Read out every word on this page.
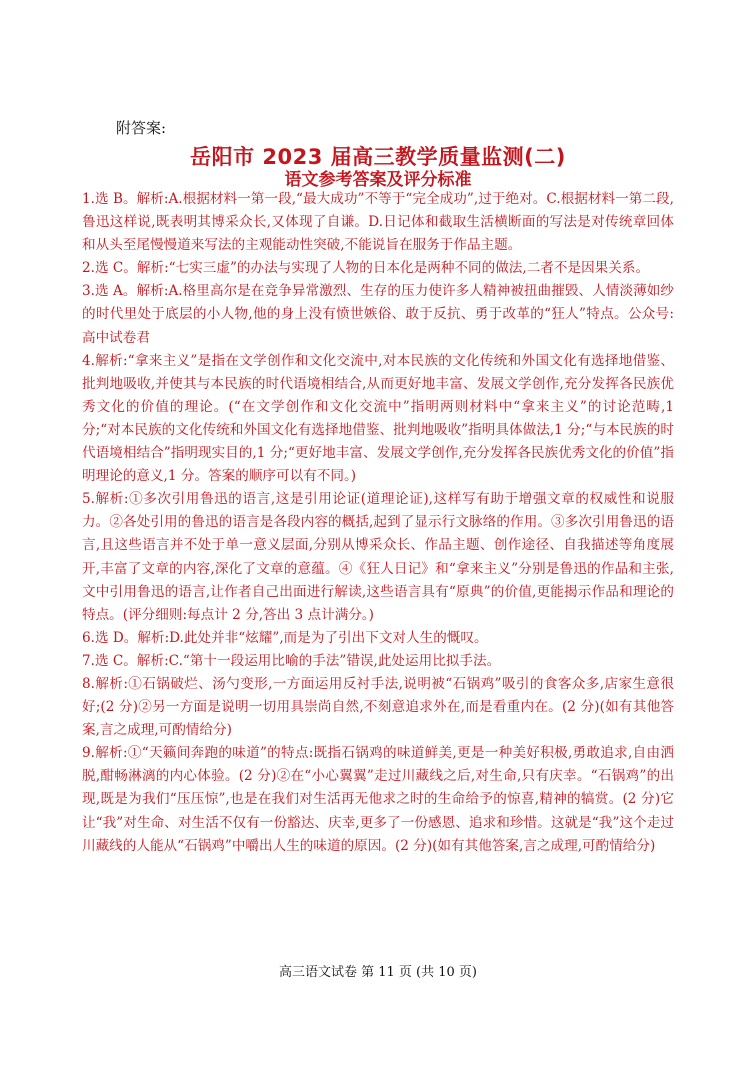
附答案:
岳阳市 2023 届高三教学质量监测(二)
语文参考答案及评分标准

1.选 B。解析:A.根据材料一第一段,“最大成功”不等于“完全成功”,过于绝对。C.根据材料一第二段,鲁迅这样说,既表明其博采众长,又体现了自谦。D.日记体和截取生活横断面的写法是对传统章回体和从头至尾慢慢道来写法的主观能动性突破,不能说旨在服务于作品主题。

2.选 C。解析:“七实三虚”的办法与实现了人物的日本化是两种不同的做法,二者不是因果关系。

3.选 A。解析:A.格里高尔是在竞争异常激烈、生存的压力使许多人精神被扭曲摧毁、人情淡薄如纱的时代里处于底层的小人物,他的身上没有愤世嫉俗、敢于反抗、勇于改革的“狂人”特点。公众号:高中试卷君

4.解析:“拿来主义”是指在文学创作和文化交流中,对本民族的文化传统和外国文化有选择地借鉴、批判地吸收,并使其与本民族的时代语境相结合,从而更好地丰富、发展文学创作,充分发挥各民族优秀文化的价值的理论。(“在文学创作和文化交流中”指明两则材料中“拿来主义”的讨论范畴,1 分;“对本民族的文化传统和外国文化有选择地借鉴、批判地吸收”指明具体做法,1 分;“与本民族的时代语境相结合”指明现实目的,1 分;“更好地丰富、发展文学创作,充分发挥各民族优秀文化的价值”指明理论的意义,1 分。答案的顺序可以有不同。)

5.解析:①多次引用鲁迅的语言,这是引用论证(道理论证),这样写有助于增强文章的权威性和说服力。②各处引用的鲁迅的语言是各段内容的概括,起到了显示行文脉络的作用。③多次引用鲁迅的语言,且这些语言并不处于单一意义层面,分别从博采众长、作品主题、创作途径、自我描述等角度展开,丰富了文章的内容,深化了文章的意蕴。④《狂人日记》和“拿来主义”分别是鲁迅的作品和主张,文中引用鲁迅的语言,让作者自己出面进行解读,这些语言具有“原典”的价值,更能揭示作品和理论的特点。(评分细则:每点计 2 分,答出 3 点计满分。)

6.选 D。解析:D.此处并非“炫耀”,而是为了引出下文对人生的慨叹。

7.选 C。解析:C.“第十一段运用比喻的手法”错误,此处运用比拟手法。

8.解析:①石锅破烂、汤勺变形,一方面运用反衬手法,说明被“石锅鸡”吸引的食客众多,店家生意很好;(2 分)②另一方面是说明一切用具崇尚自然,不刻意追求外在,而是看重内在。(2 分)(如有其他答案,言之成理,可酌情给分)

9.解析:①“天籁间奔跑的味道”的特点:既指石锅鸡的味道鲜美,更是一种美好积极,勇敢追求,自由洒脱,酣畅淋漓的内心体验。(2 分)②在“小心翼翼”走过川藏线之后,对生命,只有庆幸。“石锅鸡”的出现,既是为我们“压压惊”,也是在我们对生活再无他求之时的生命给予的惊喜,精神的犒赏。(2 分)它让“我”对生命、对生活不仅有一份豁达、庆幸,更多了一份感恩、追求和珍惜。这就是“我”这个走过川藏线的人能从“石锅鸡”中嚼出人生的味道的原因。(2 分)(如有其他答案,言之成理,可酌情给分)

高三语文试卷 第 11 页 (共 10 页)
